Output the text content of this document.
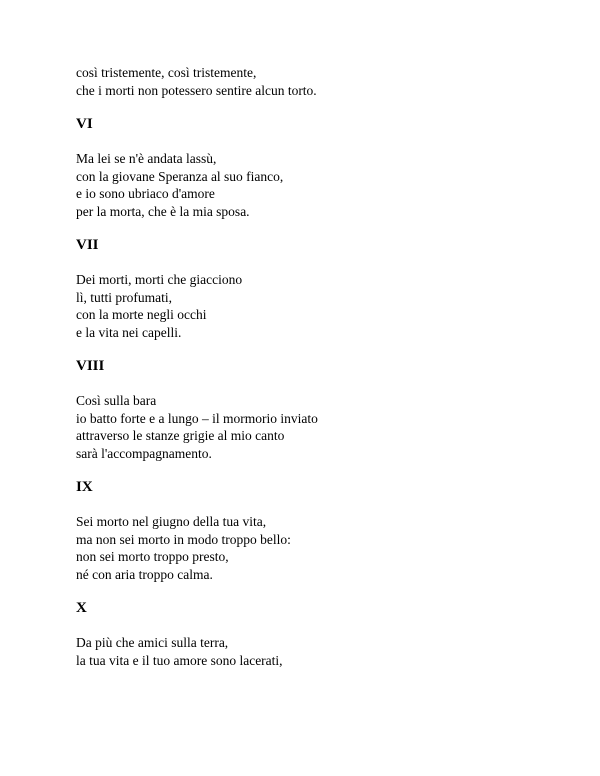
così tristemente, così tristemente,
che i morti non potessero sentire alcun torto.
VI
Ma lei se n'è andata lassù,
con la giovane Speranza al suo fianco,
e io sono ubriaco d'amore
per la morta, che è la mia sposa.
VII
Dei morti, morti che giacciono
lì, tutti profumati,
con la morte negli occhi
e la vita nei capelli.
VIII
Così sulla bara
io batto forte e a lungo – il mormorio inviato
attraverso le stanze grigie al mio canto
sarà l'accompagnamento.
IX
Sei morto nel giugno della tua vita,
ma non sei morto in modo troppo bello:
non sei morto troppo presto,
né con aria troppo calma.
X
Da più che amici sulla terra,
la tua vita e il tuo amore sono lacerati,
